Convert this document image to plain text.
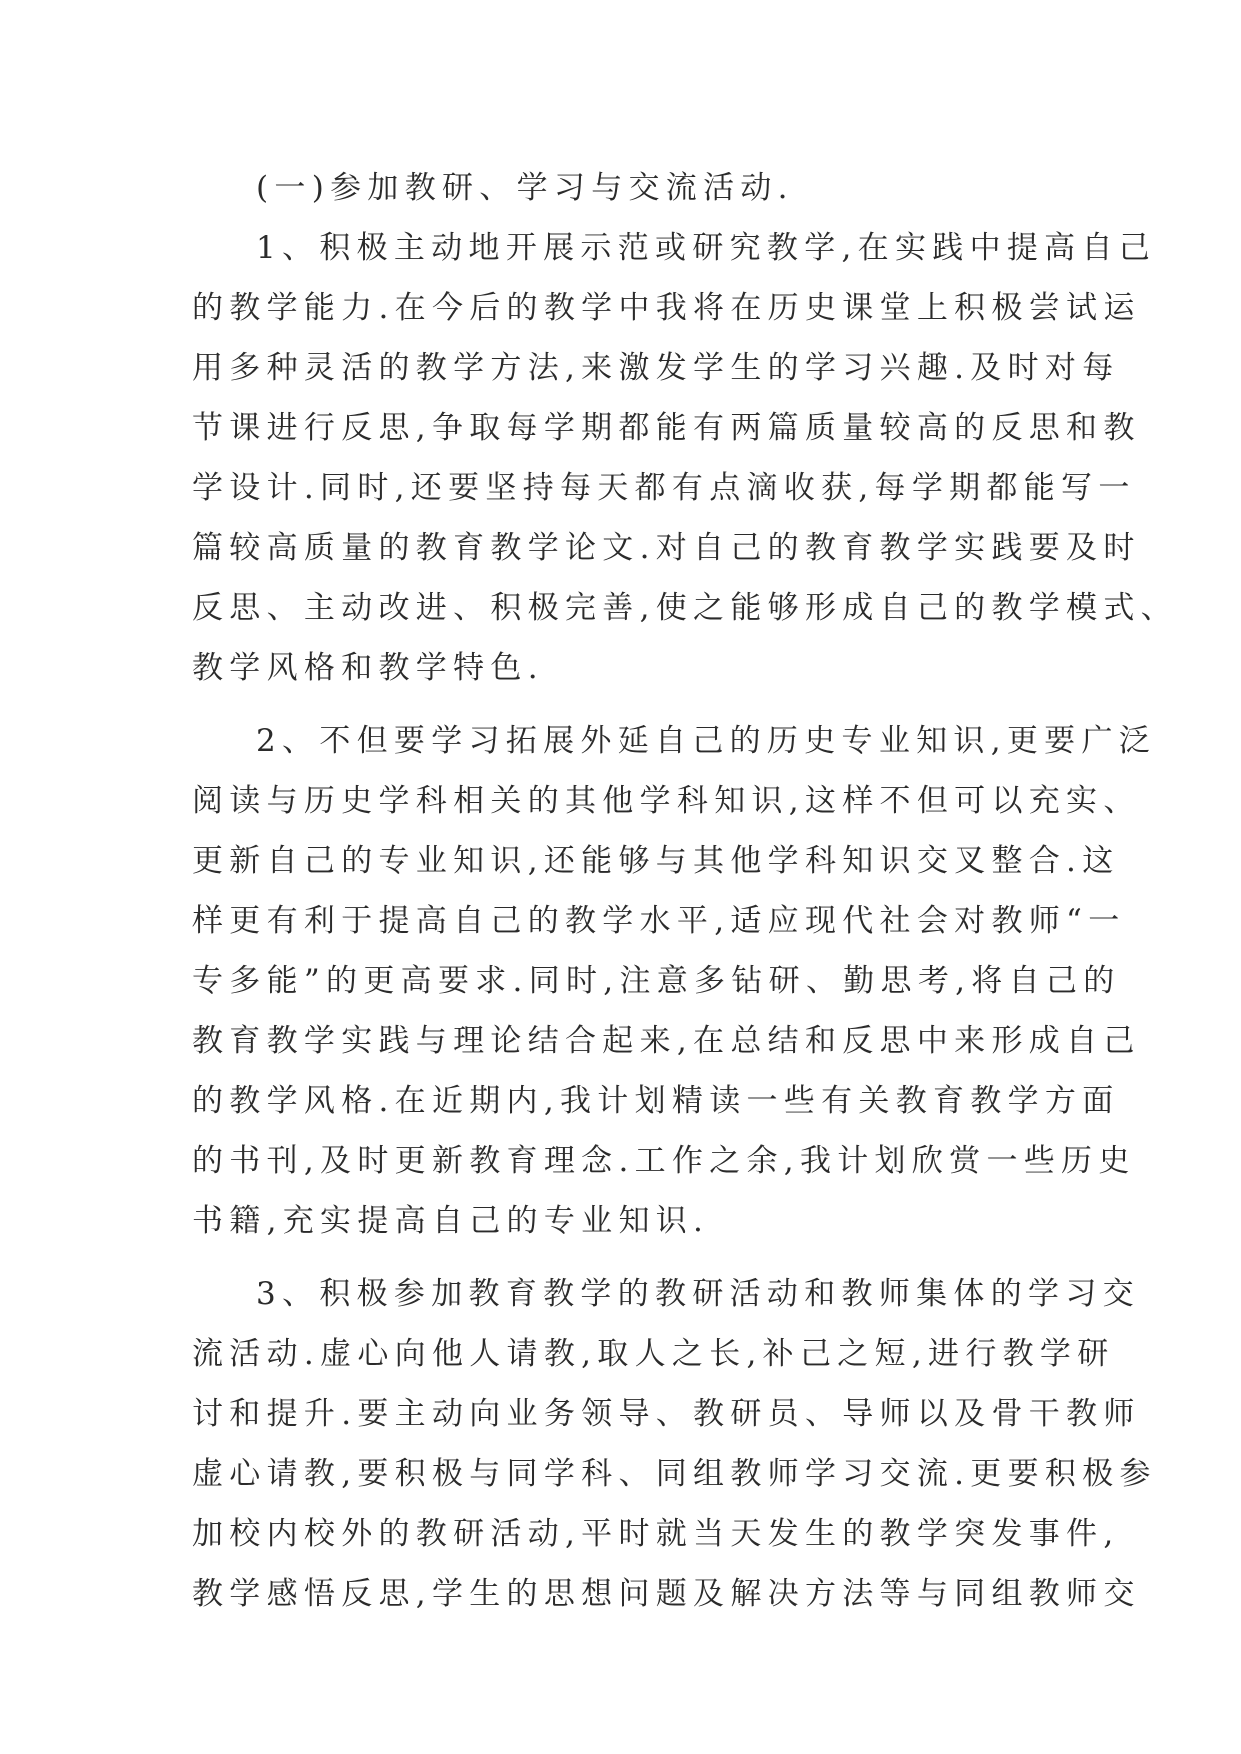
(一)参加教研、学习与交流活动.
1、积极主动地开展示范或研究教学,在实践中提高自己
的教学能力.在今后的教学中我将在历史课堂上积极尝试运
用多种灵活的教学方法,来激发学生的学习兴趣.及时对每
节课进行反思,争取每学期都能有两篇质量较高的反思和教
学设计.同时,还要坚持每天都有点滴收获,每学期都能写一
篇较高质量的教育教学论文.对自己的教育教学实践要及时
反思、主动改进、积极完善,使之能够形成自己的教学模式、
教学风格和教学特色.
2、不但要学习拓展外延自己的历史专业知识,更要广泛
阅读与历史学科相关的其他学科知识,这样不但可以充实、
更新自己的专业知识,还能够与其他学科知识交叉整合.这
样更有利于提高自己的教学水平,适应现代社会对教师“一
专多能”的更高要求.同时,注意多钻研、勤思考,将自己的
教育教学实践与理论结合起来,在总结和反思中来形成自己
的教学风格.在近期内,我计划精读一些有关教育教学方面
的书刊,及时更新教育理念.工作之余,我计划欣赏一些历史
书籍,充实提高自己的专业知识.
3、积极参加教育教学的教研活动和教师集体的学习交
流活动.虚心向他人请教,取人之长,补己之短,进行教学研
讨和提升.要主动向业务领导、教研员、导师以及骨干教师
虚心请教,要积极与同学科、同组教师学习交流.更要积极参
加校内校外的教研活动,平时就当天发生的教学突发事件,
教学感悟反思,学生的思想问题及解决方法等与同组教师交
